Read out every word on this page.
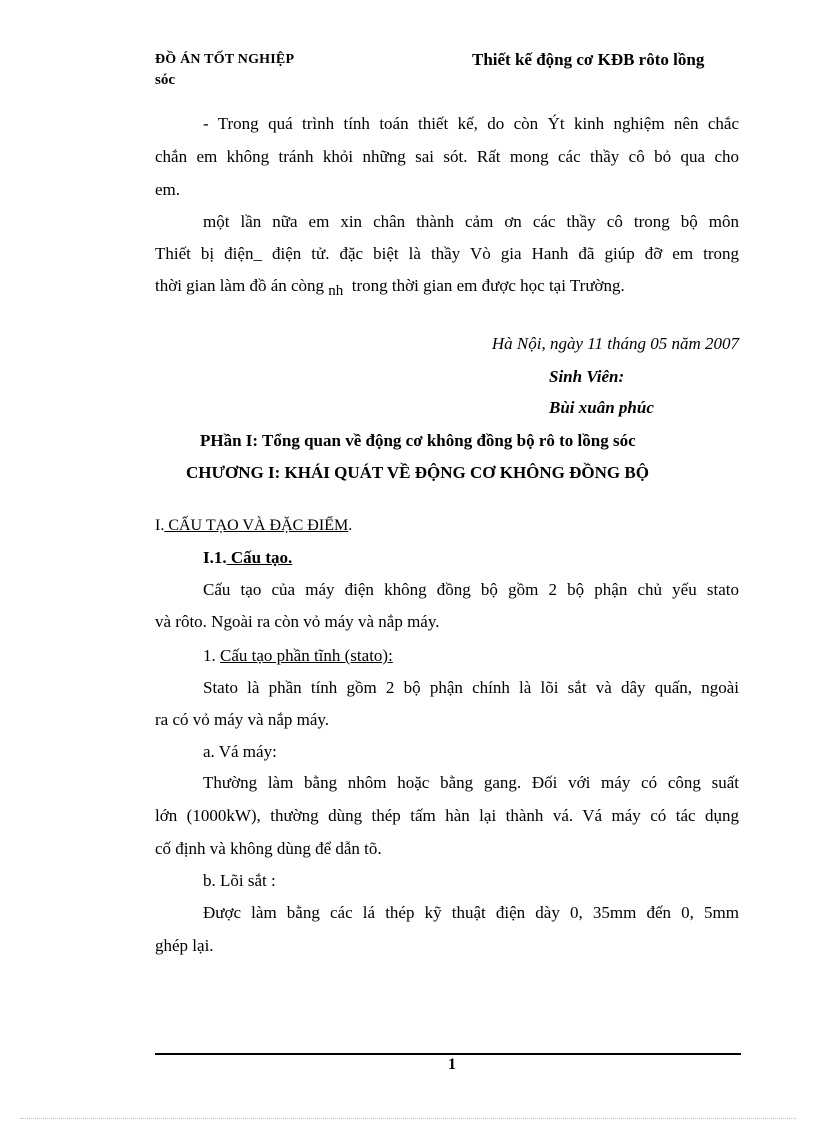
ĐỒ ÁN TỐT NGHIỆP
sóc
Thiết kế động cơ KĐB rôto lồng
- Trong quá trình tính toán thiết kế, do còn Ýt kinh nghiệm nên chắc
chắn em không tránh khỏi những sai sót. Rất mong các thầy cô bỏ qua cho
em.
một lần nữa em xin chân thành cảm ơn các thầy cô trong bộ môn
Thiết bị điện_ điện tử. đặc biệt là thầy Vò gia Hanh đã giúp đỡ em trong
thời gian làm đồ án còng nh trong thời gian em được học tại Trường.
Hà Nội, ngày 11 tháng 05 năm 2007
Sinh Viên:
Bùi xuân phúc
PHần I: Tổng quan về động cơ không đồng bộ rô to lồng sóc
CHƯƠNG I: KHÁI QUÁT VỀ ĐỘNG CƠ KHÔNG ĐỒNG BỘ
I. CẤU TẠO VÀ ĐẶC ĐIỂM.
I.1. Cấu tạo.
Cấu tạo của máy điện không đồng bộ gồm 2 bộ phận chủ yếu stato
và rôto. Ngoài ra còn vỏ máy và nắp máy.
1. Cấu tạo phần tĩnh (stato):
Stato là phần tính gồm 2 bộ phận chính là lõi sắt và dây quấn, ngoài
ra có vỏ máy và nắp máy.
a. Vá máy:
Thường làm bằng nhôm hoặc bằng gang. Đối với máy có công suất
lớn (1000kW), thường dùng thép tấm hàn lại thành vá. Vá máy có tác dụng
cố định và không dùng để dẫn tõ.
b. Lõi sắt :
Được làm bằng các lá thép kỹ thuật điện dày 0, 35mm đến 0, 5mm
ghép lại.
1
